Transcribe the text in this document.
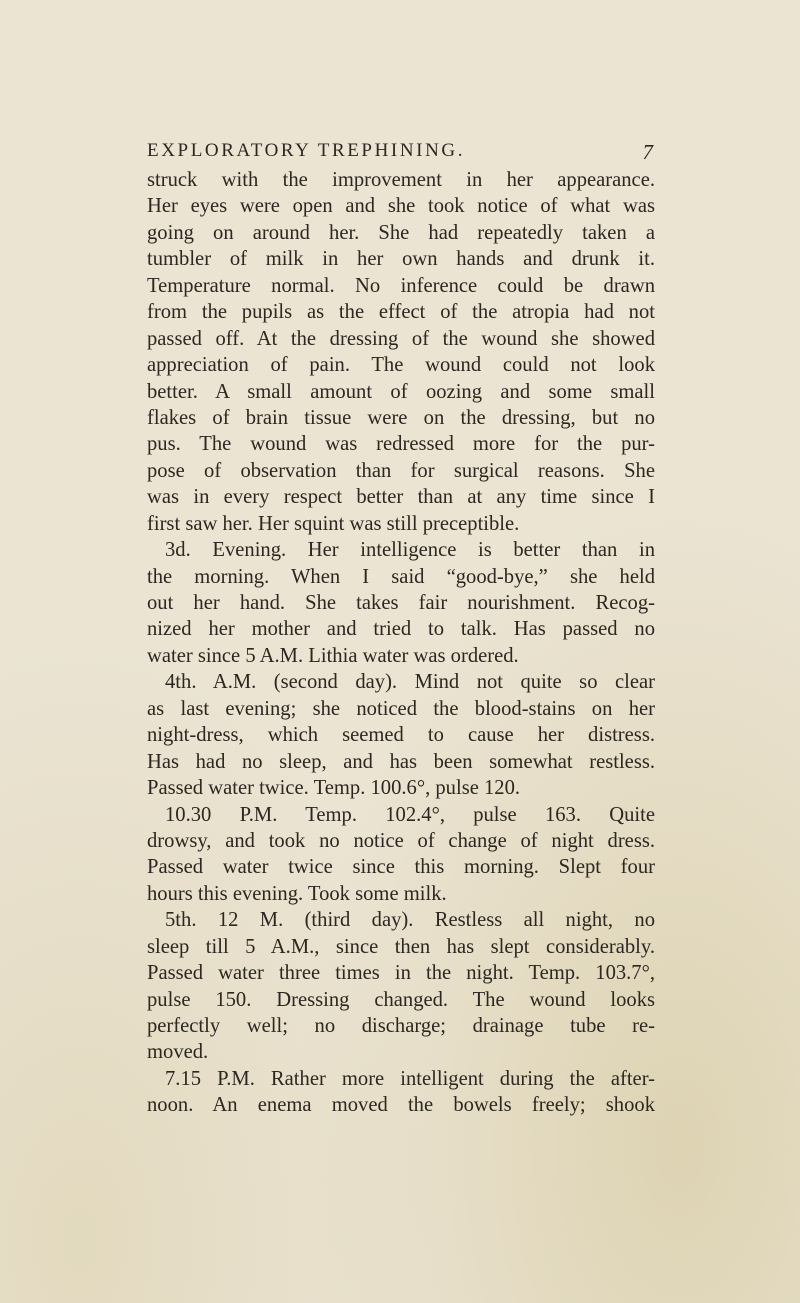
EXPLORATORY TREPHINING.	7
struck with the improvement in her appearance.
Her eyes were open and she took notice of what was
going on around her. She had repeatedly taken a
tumbler of milk in her own hands and drunk it.
Temperature normal. No inference could be drawn
from the pupils as the effect of the atropia had not
passed off. At the dressing of the wound she showed
appreciation of pain. The wound could not look
better. A small amount of oozing and some small
flakes of brain tissue were on the dressing, but no
pus. The wound was redressed more for the pur-
pose of observation than for surgical reasons. She
was in every respect better than at any time since I
first saw her. Her squint was still preceptible.
3d. Evening. Her intelligence is better than in
the morning. When I said “good-bye,” she held
out her hand. She takes fair nourishment. Recog-
nized her mother and tried to talk. Has passed no
water since 5 A.M. Lithia water was ordered.
4th. A.M. (second day). Mind not quite so clear
as last evening; she noticed the blood-stains on her
night-dress, which seemed to cause her distress.
Has had no sleep, and has been somewhat restless.
Passed water twice. Temp. 100.6°, pulse 120.
10.30 P.M. Temp. 102.4°, pulse 163. Quite
drowsy, and took no notice of change of night dress.
Passed water twice since this morning. Slept four
hours this evening. Took some milk.
5th. 12 M. (third day). Restless all night, no
sleep till 5 A.M., since then has slept considerably.
Passed water three times in the night. Temp. 103.7°,
pulse 150. Dressing changed. The wound looks
perfectly well; no discharge; drainage tube re-
moved.
7.15 P.M. Rather more intelligent during the after-
noon. An enema moved the bowels freely; shook
